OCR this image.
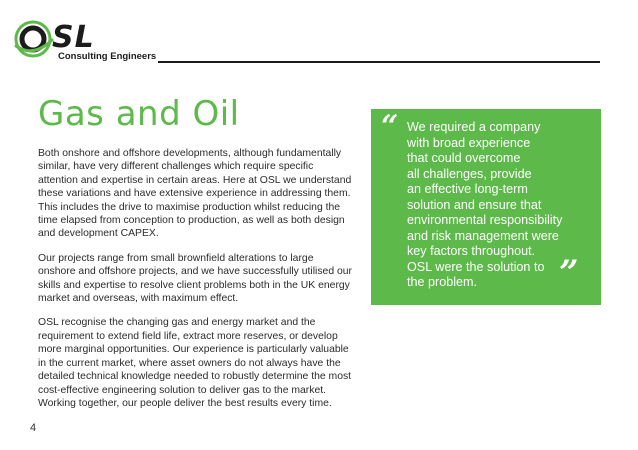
SL
Consulting Engineers
Gas and Oil

Both onshore and offshore developments, although fundamentally similar, have very different challenges which require specific attention and expertise in certain areas. Here at OSL we understand these variations and have extensive experience in addressing them. This includes the drive to maximise production whilst reducing the time elapsed from conception to production, as well as both design and development CAPEX.

Our projects range from small brownfield alterations to large onshore and offshore projects, and we have successfully utilised our skills and expertise to resolve client problems both in the UK energy market and overseas, with maximum effect.

OSL recognise the changing gas and energy market and the requirement to extend field life, extract more reserves, or develop more marginal opportunities. Our experience is particularly valuable in the current market, where asset owners do not always have the detailed technical knowledge needed to robustly determine the most cost-effective engineering solution to deliver gas to the market. Working together, our people deliver the best results every time.

4
“ We required a company
with broad experience
that could overcome
all challenges, provide
an effective long-term
solution and ensure that
environmental responsibility
and risk management were
key factors throughout.
OSL were the solution to
the problem.	”
